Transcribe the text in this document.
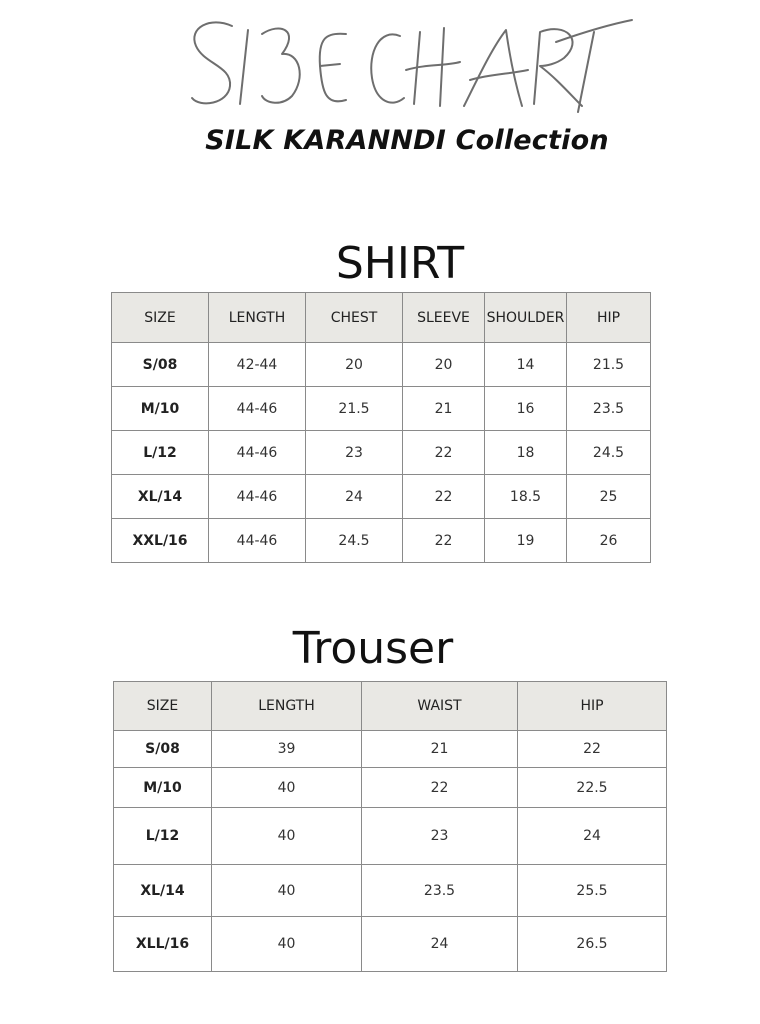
SILK KARANNDI Collection
SHIRT
SIZE	LENGTH	CHEST	SLEEVE	SHOULDER	HIP
S/08	42-44	20	20	14	21.5
M/10	44-46	21.5	21	16	23.5
L/12	44-46	23	22	18	24.5
XL/14	44-46	24	22	18.5	25
XXL/16	44-46	24.5	22	19	26
Trouser
SIZE	LENGTH	WAIST	HIP
S/08	39	21	22
M/10	40	22	22.5
L/12	40	23	24
XL/14	40	23.5	25.5
XLL/16	40	24	26.5
